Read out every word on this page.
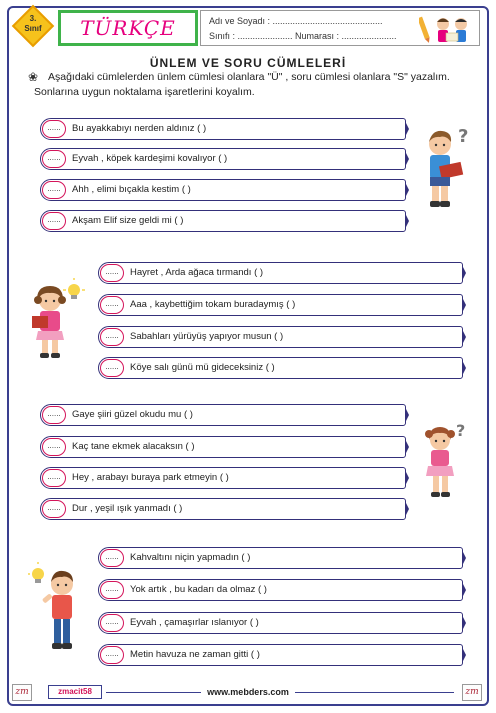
3.
Sınıf	TÜRKÇE	Adı ve Soyadı : ............................................
Sınıfı : ...................... Numarası : ......................
ÜNLEM VE SORU CÜMLELERİ
❀ Aşağıdaki cümlelerden ünlem cümlesi olanlara "Ü" , soru cümlesi olanlara "S" yazalım. Sonlarına uygun noktalama işaretlerini koyalım.
......	Bu ayakkabıyı nerden aldınız ( )
......	Eyvah , köpek kardeşimi kovalıyor ( )
......	Ahh , elimi bıçakla kestim ( )
......	Akşam Elif size geldi mi ( )
?
......	Hayret , Arda ağaca tırmandı ( )
......	Aaa , kaybettiğim tokam buradaymış ( )
......	Sabahları yürüyüş yapıyor musun ( )
......	Köye salı günü mü gideceksiniz ( )
......	Gaye şiiri güzel okudu mu ( )
......	Kaç tane ekmek alacaksın ( )
......	Hey , arabayı buraya park etmeyin ( )
......	Dur , yeşil ışık yanmadı ( )
?
......	Kahvaltını niçin yapmadın ( )
......	Yok artık , bu kadarı da olmaz ( )
......	Eyvah , çamaşırlar ıslanıyor ( )
......	Metin havuza ne zaman gitti ( )
zm	zmacit58	www.mebders.com	zm
